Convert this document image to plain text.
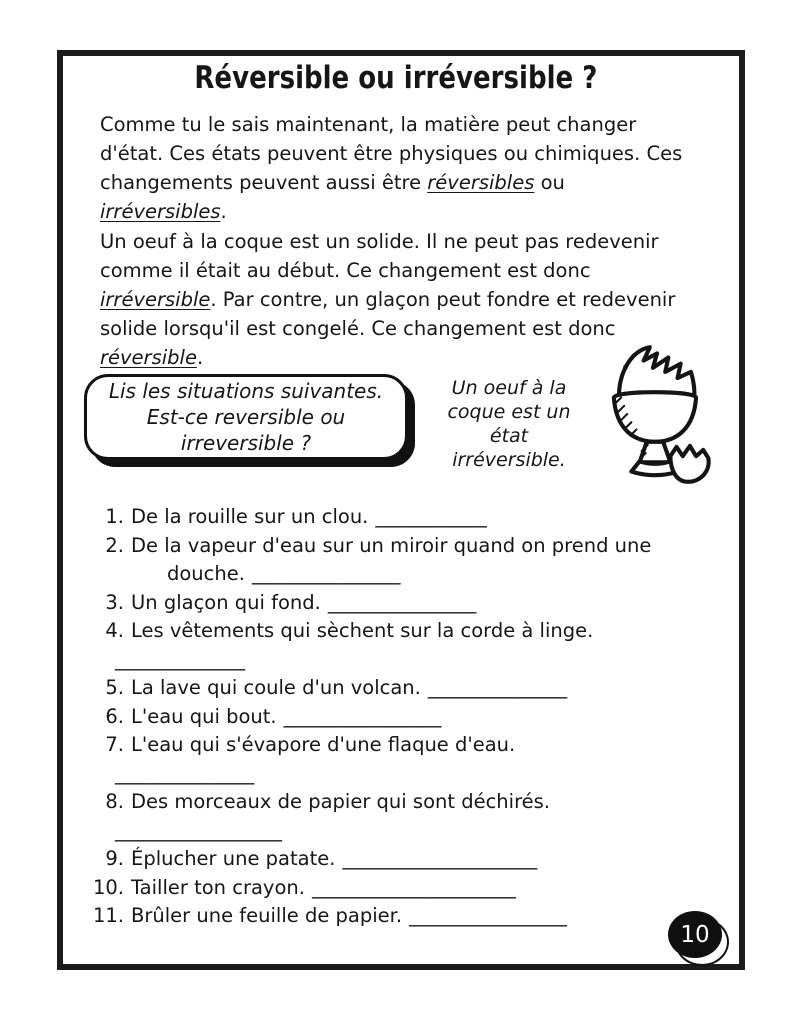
Réversible ou irréversible ?
Comme tu le sais maintenant, la matière peut changer d'état. Ces états peuvent être physiques ou chimiques. Ces changements peuvent aussi être réversibles ou irréversibles.
Un oeuf à la coque est un solide. Il ne peut pas redevenir comme il était au début. Ce changement est donc irréversible. Par contre, un glaçon peut fondre et redevenir solide lorsqu'il est congelé. Ce changement est donc réversible.
Lis les situations suivantes.
Est-ce reversible ou
irreversible ?
Un oeuf à la coque est un état irréversible.
1. De la rouille sur un clou. ____________
2. De la vapeur d'eau sur un miroir quand on prend une
douche. ________________
3. Un glaçon qui fond. ________________
4. Les vêtements qui sèchent sur la corde à linge.
______________
5. La lave qui coule d'un volcan. _______________
6. L'eau qui bout. _________________
7. L'eau qui s'évapore d'une flaque d'eau.
_______________
8. Des morceaux de papier qui sont déchirés.
__________________
9. Éplucher une patate. _____________________
10. Tailler ton crayon. ______________________
11. Brûler une feuille de papier. _________________
10
